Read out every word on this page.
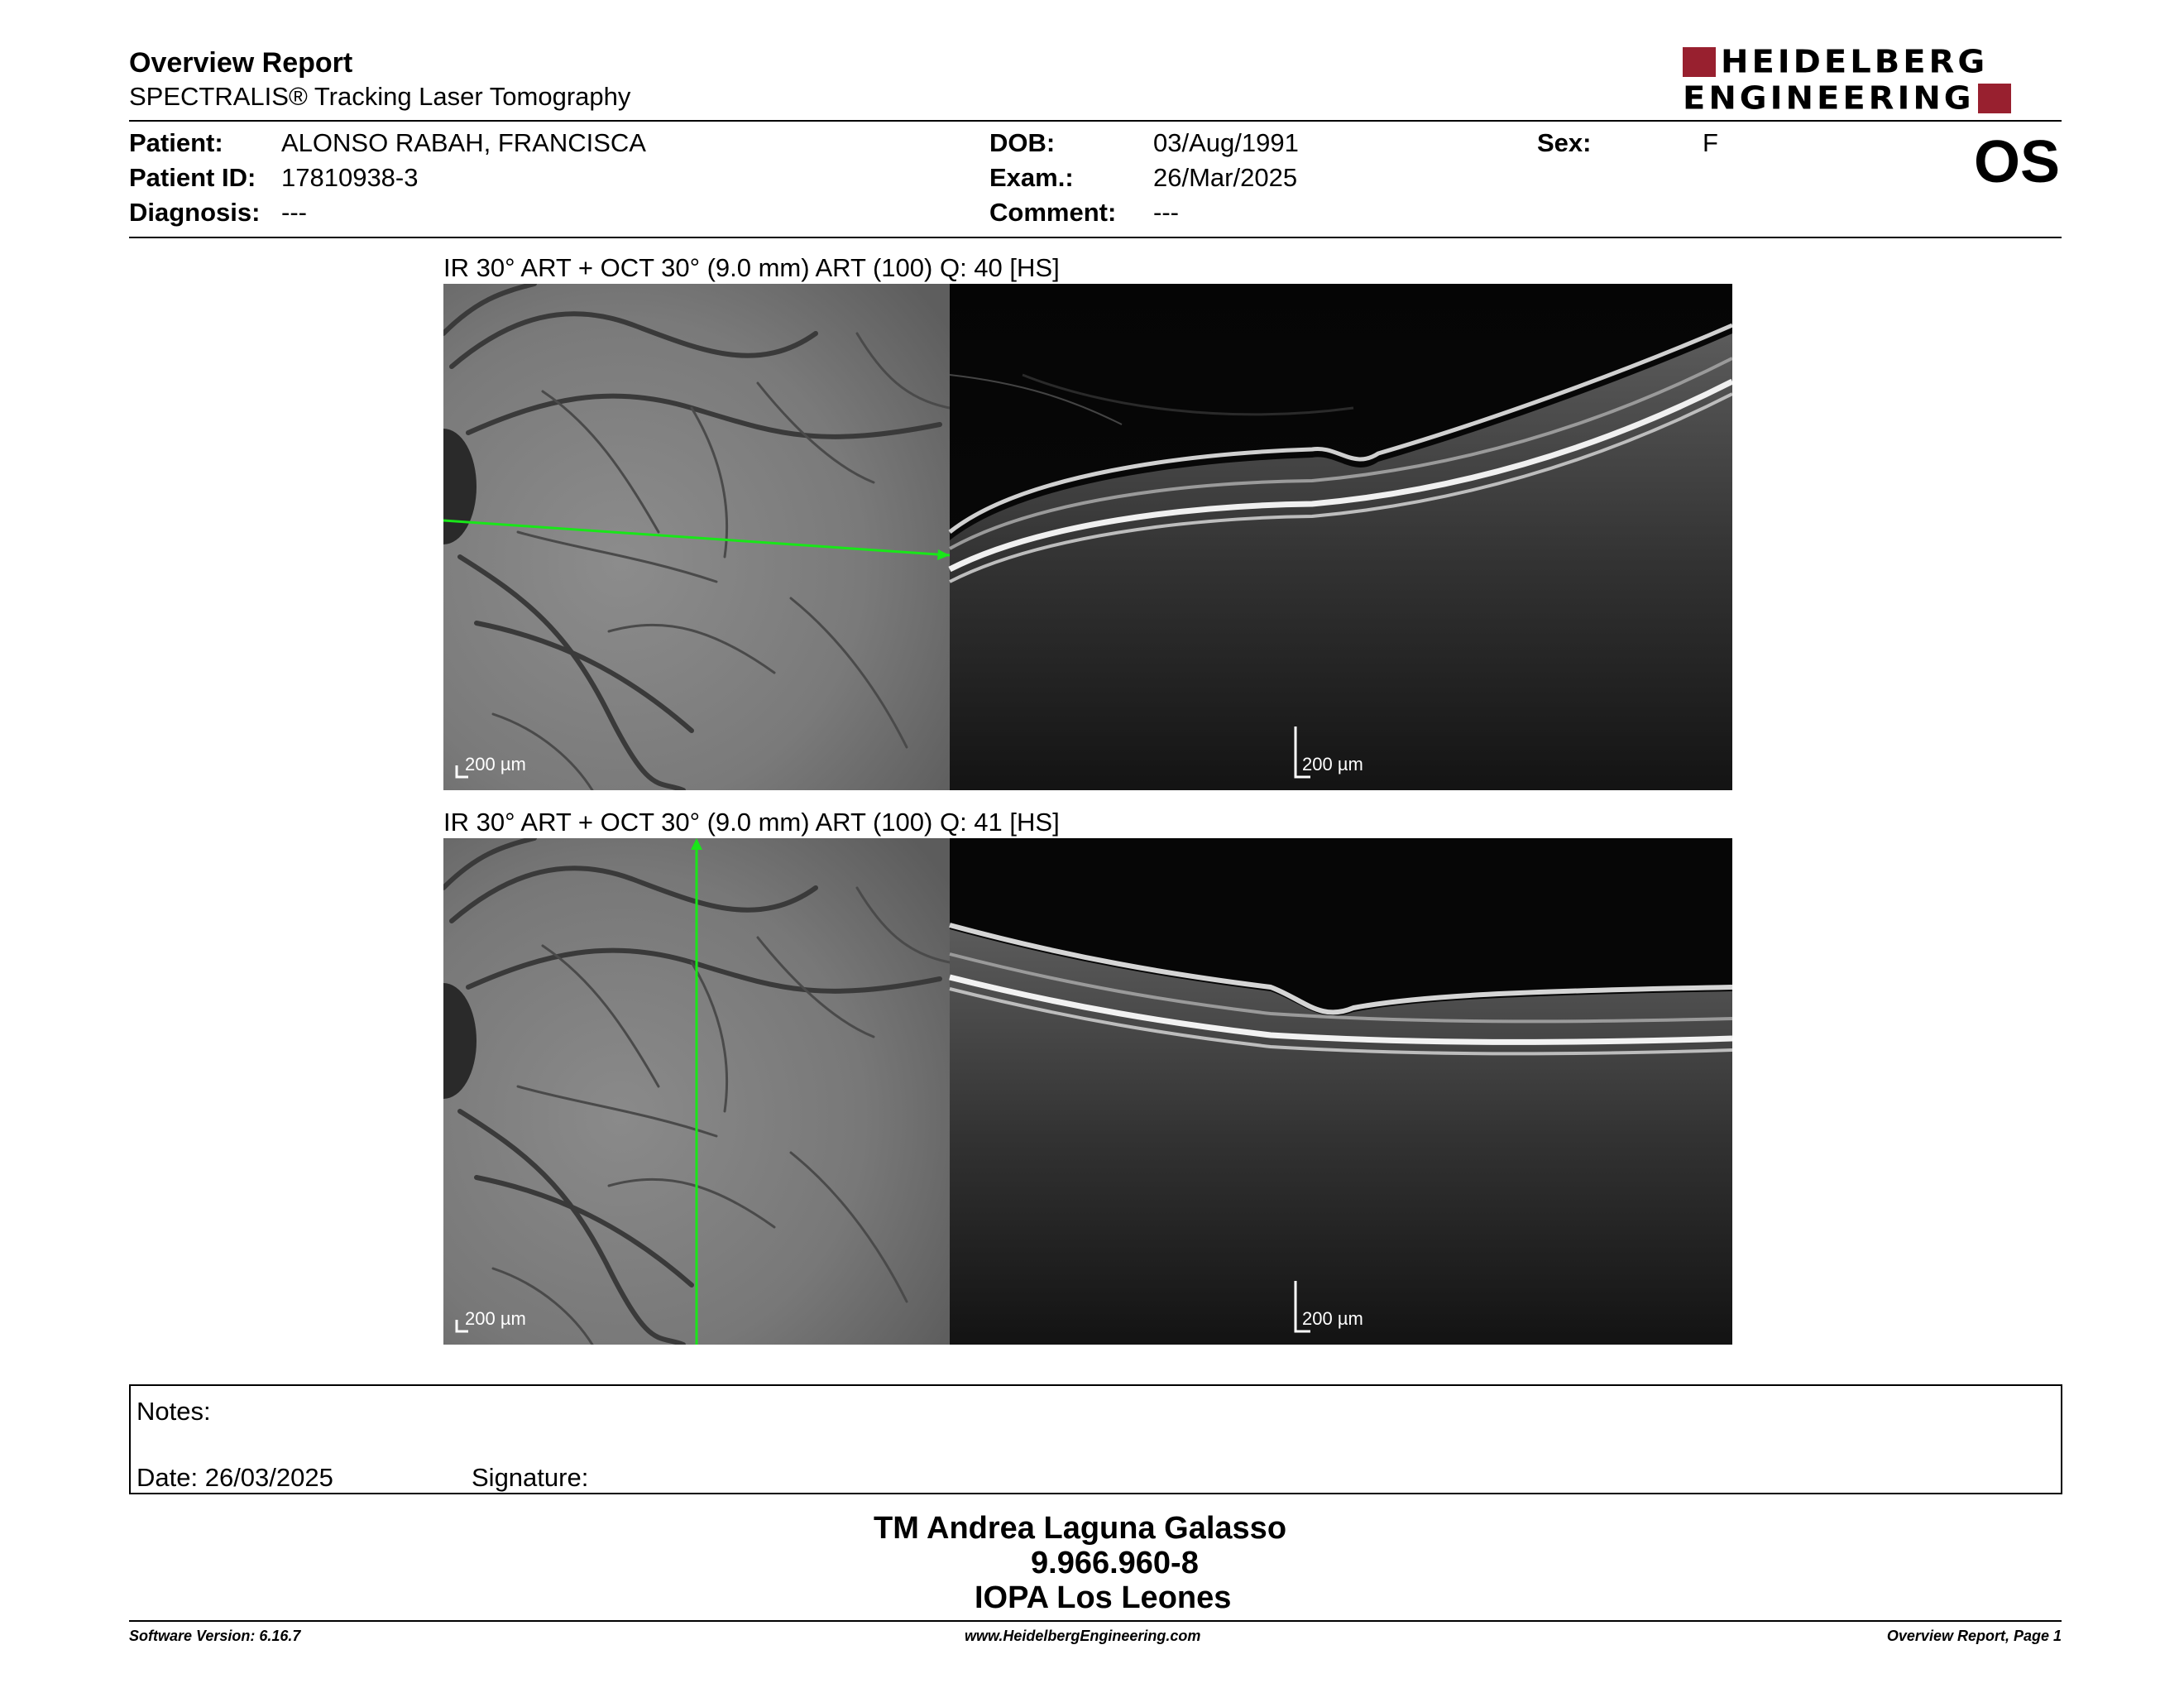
Overview Report
SPECTRALIS® Tracking Laser Tomography
HEIDELBERG
ENGINEERING
Patient: ALONSO RABAH, FRANCISCA
Patient ID: 17810938-3
Diagnosis: ---
DOB:	03/Aug/1991
Exam.:	26/Mar/2025
Comment: ---
Sex:	F	OS
IR 30° ART + OCT 30° (9.0 mm) ART (100) Q: 40 [HS]
200 µm	200 µm
IR 30° ART + OCT 30° (9.0 mm) ART (100) Q: 41 [HS]
200 µm	200 µm
Notes:
Date: 26/03/2025	Signature:
TM Andrea Laguna Galasso
9.966.960-8
IOPA Los Leones
Software Version: 6.16.7	www.HeidelbergEngineering.com	Overview Report, Page 1
